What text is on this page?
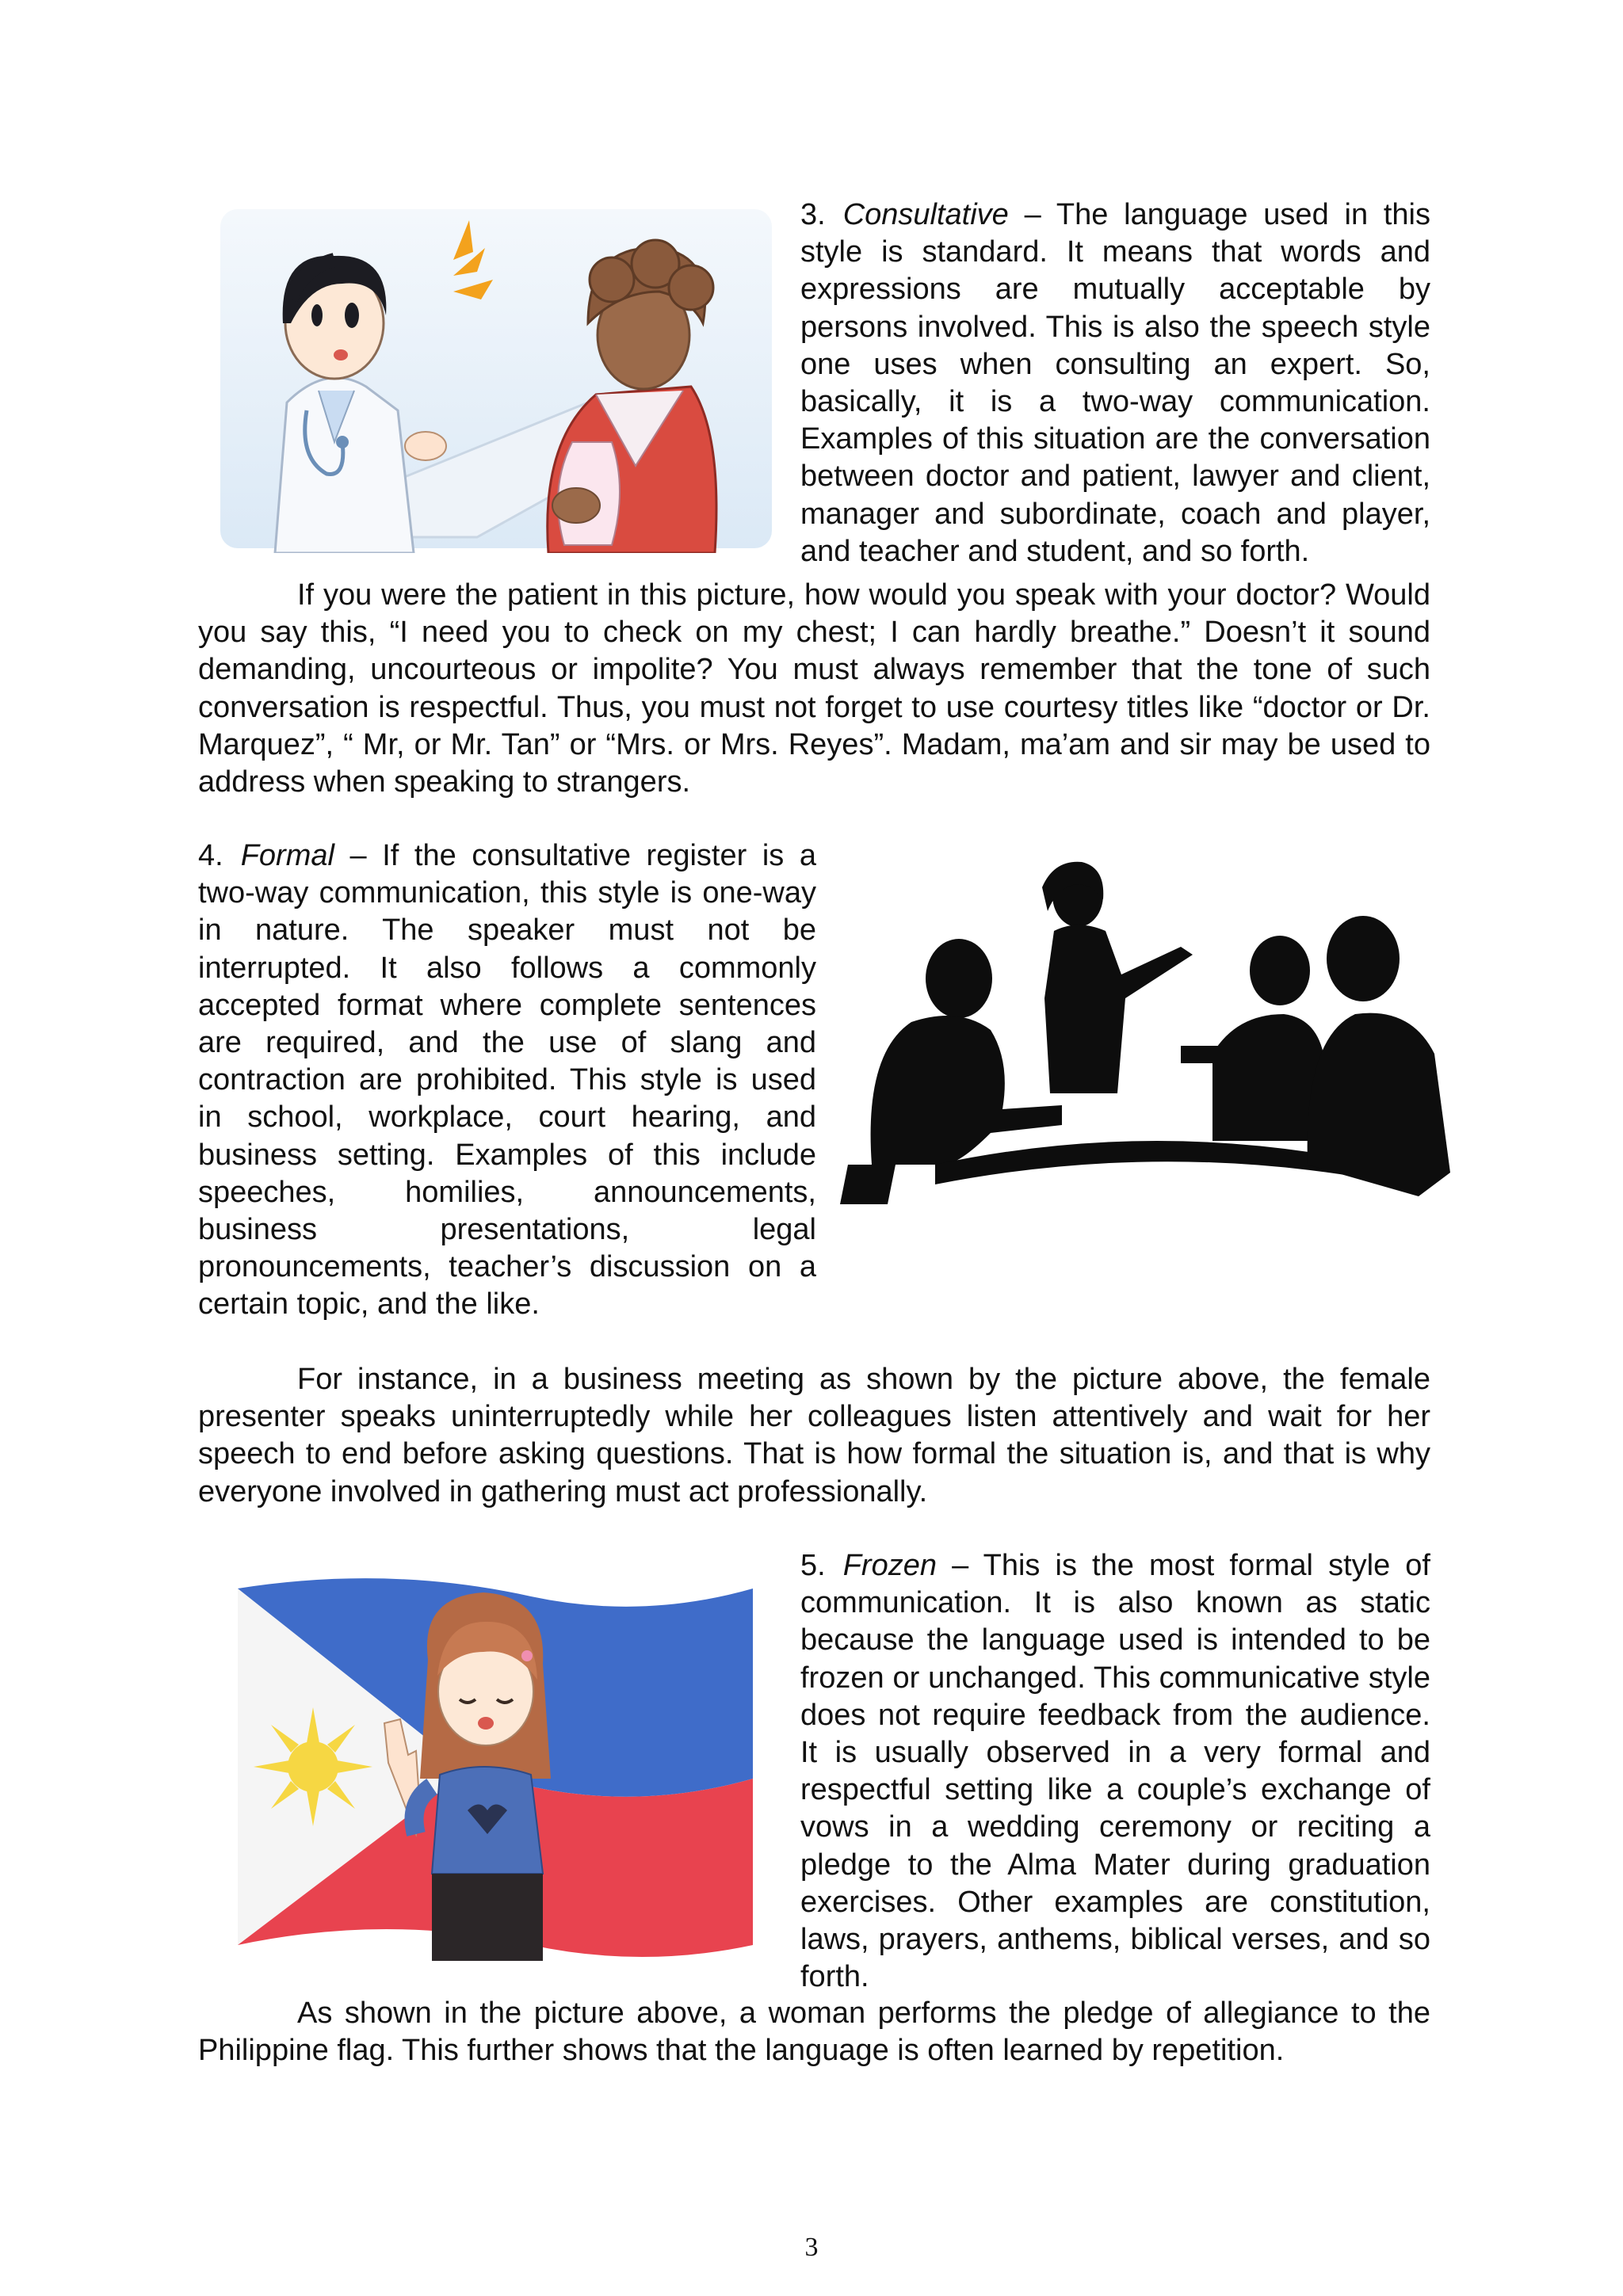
3. Consultative – The language used in this style is standard. It means that words and expressions are mutually acceptable by persons involved. This is also the speech style one uses when consulting an expert. So, basically, it is a two-way communication. Examples of this situation are the conversation between doctor and patient, lawyer and client, manager and subordinate, coach and player, and teacher and student, and so forth.

If you were the patient in this picture, how would you speak with your doctor? Would you say this, “I need you to check on my chest; I can hardly breathe.” Doesn’t it sound demanding, uncourteous or impolite? You must always remember that the tone of such conversation is respectful. Thus, you must not forget to use courtesy titles like “doctor or Dr. Marquez”, “ Mr, or Mr. Tan” or “Mrs. or Mrs. Reyes”. Madam, ma’am and sir may be used to address when speaking to strangers.

4. Formal – If the consultative register is a two-way communication, this style is one-way in nature. The speaker must not be interrupted. It also follows a commonly accepted format where complete sentences are required, and the use of slang and contraction are prohibited. This style is used in school, workplace, court hearing, and business setting. Examples of this include speeches, homilies, announcements, business presentations, legal pronouncements, teacher’s discussion on a certain topic, and the like.

For instance, in a business meeting as shown by the picture above, the female presenter speaks uninterruptedly while her colleagues listen attentively and wait for her speech to end before asking questions. That is how formal the situation is, and that is why everyone involved in gathering must act professionally.

5. Frozen – This is the most formal style of communication. It is also known as static because the language used is intended to be frozen or unchanged. This communicative style does not require feedback from the audience. It is usually observed in a very formal and respectful setting like a couple’s exchange of vows in a wedding ceremony or reciting a pledge to the Alma Mater during graduation exercises. Other examples are constitution, laws, prayers, anthems, biblical verses, and so forth.

As shown in the picture above, a woman performs the pledge of allegiance to the Philippine flag. This further shows that the language is often learned by repetition.

3
